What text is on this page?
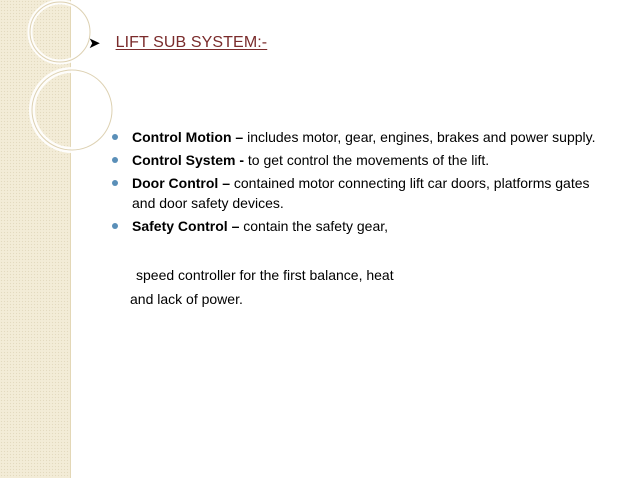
➤ LIFT SUB SYSTEM:-
Control Motion – includes motor, gear, engines, brakes and power supply.
Control System - to get control the movements of the lift.
Door Control – contained motor connecting lift car doors, platforms gates and door safety devices.
Safety Control – contain the safety gear,
speed controller for the first balance, heat
and lack of power.
